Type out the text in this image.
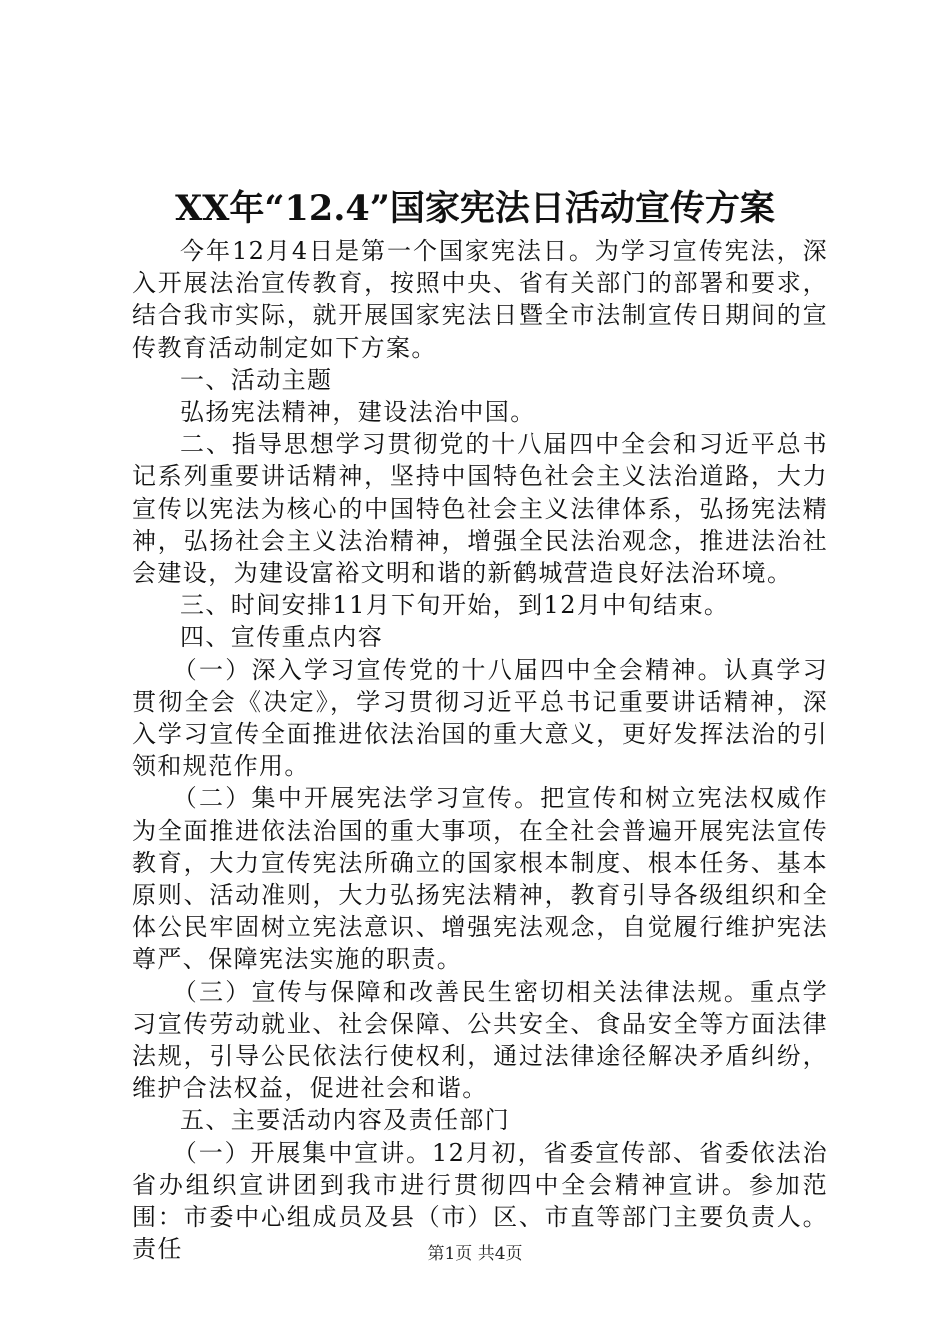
XX年“12.4”国家宪法日活动宣传方案

今年12月4日是第一个国家宪法日。为学习宣传宪法，深入开展法治宣传教育，按照中央、省有关部门的部署和要求，结合我市实际，就开展国家宪法日暨全市法制宣传日期间的宣传教育活动制定如下方案。

一、活动主题

弘扬宪法精神，建设法治中国。

二、指导思想学习贯彻党的十八届四中全会和习近平总书记系列重要讲话精神，坚持中国特色社会主义法治道路，大力宣传以宪法为核心的中国特色社会主义法律体系，弘扬宪法精神，弘扬社会主义法治精神，增强全民法治观念，推进法治社会建设，为建设富裕文明和谐的新鹤城营造良好法治环境。

三、时间安排11月下旬开始，到12月中旬结束。

四、宣传重点内容

（一）深入学习宣传党的十八届四中全会精神。认真学习贯彻全会《决定》，学习贯彻习近平总书记重要讲话精神，深入学习宣传全面推进依法治国的重大意义，更好发挥法治的引领和规范作用。

（二）集中开展宪法学习宣传。把宣传和树立宪法权威作为全面推进依法治国的重大事项，在全社会普遍开展宪法宣传教育，大力宣传宪法所确立的国家根本制度、根本任务、基本原则、活动准则，大力弘扬宪法精神，教育引导各级组织和全体公民牢固树立宪法意识、增强宪法观念，自觉履行维护宪法尊严、保障宪法实施的职责。

（三）宣传与保障和改善民生密切相关法律法规。重点学习宣传劳动就业、社会保障、公共安全、食品安全等方面法律法规，引导公民依法行使权利，通过法律途径解决矛盾纠纷，维护合法权益，促进社会和谐。

五、主要活动内容及责任部门

（一）开展集中宣讲。12月初，省委宣传部、省委依法治省办组织宣讲团到我市进行贯彻四中全会精神宣讲。参加范围：市委中心组成员及县（市）区、市直等部门主要负责人。责任	第1页 共4页
